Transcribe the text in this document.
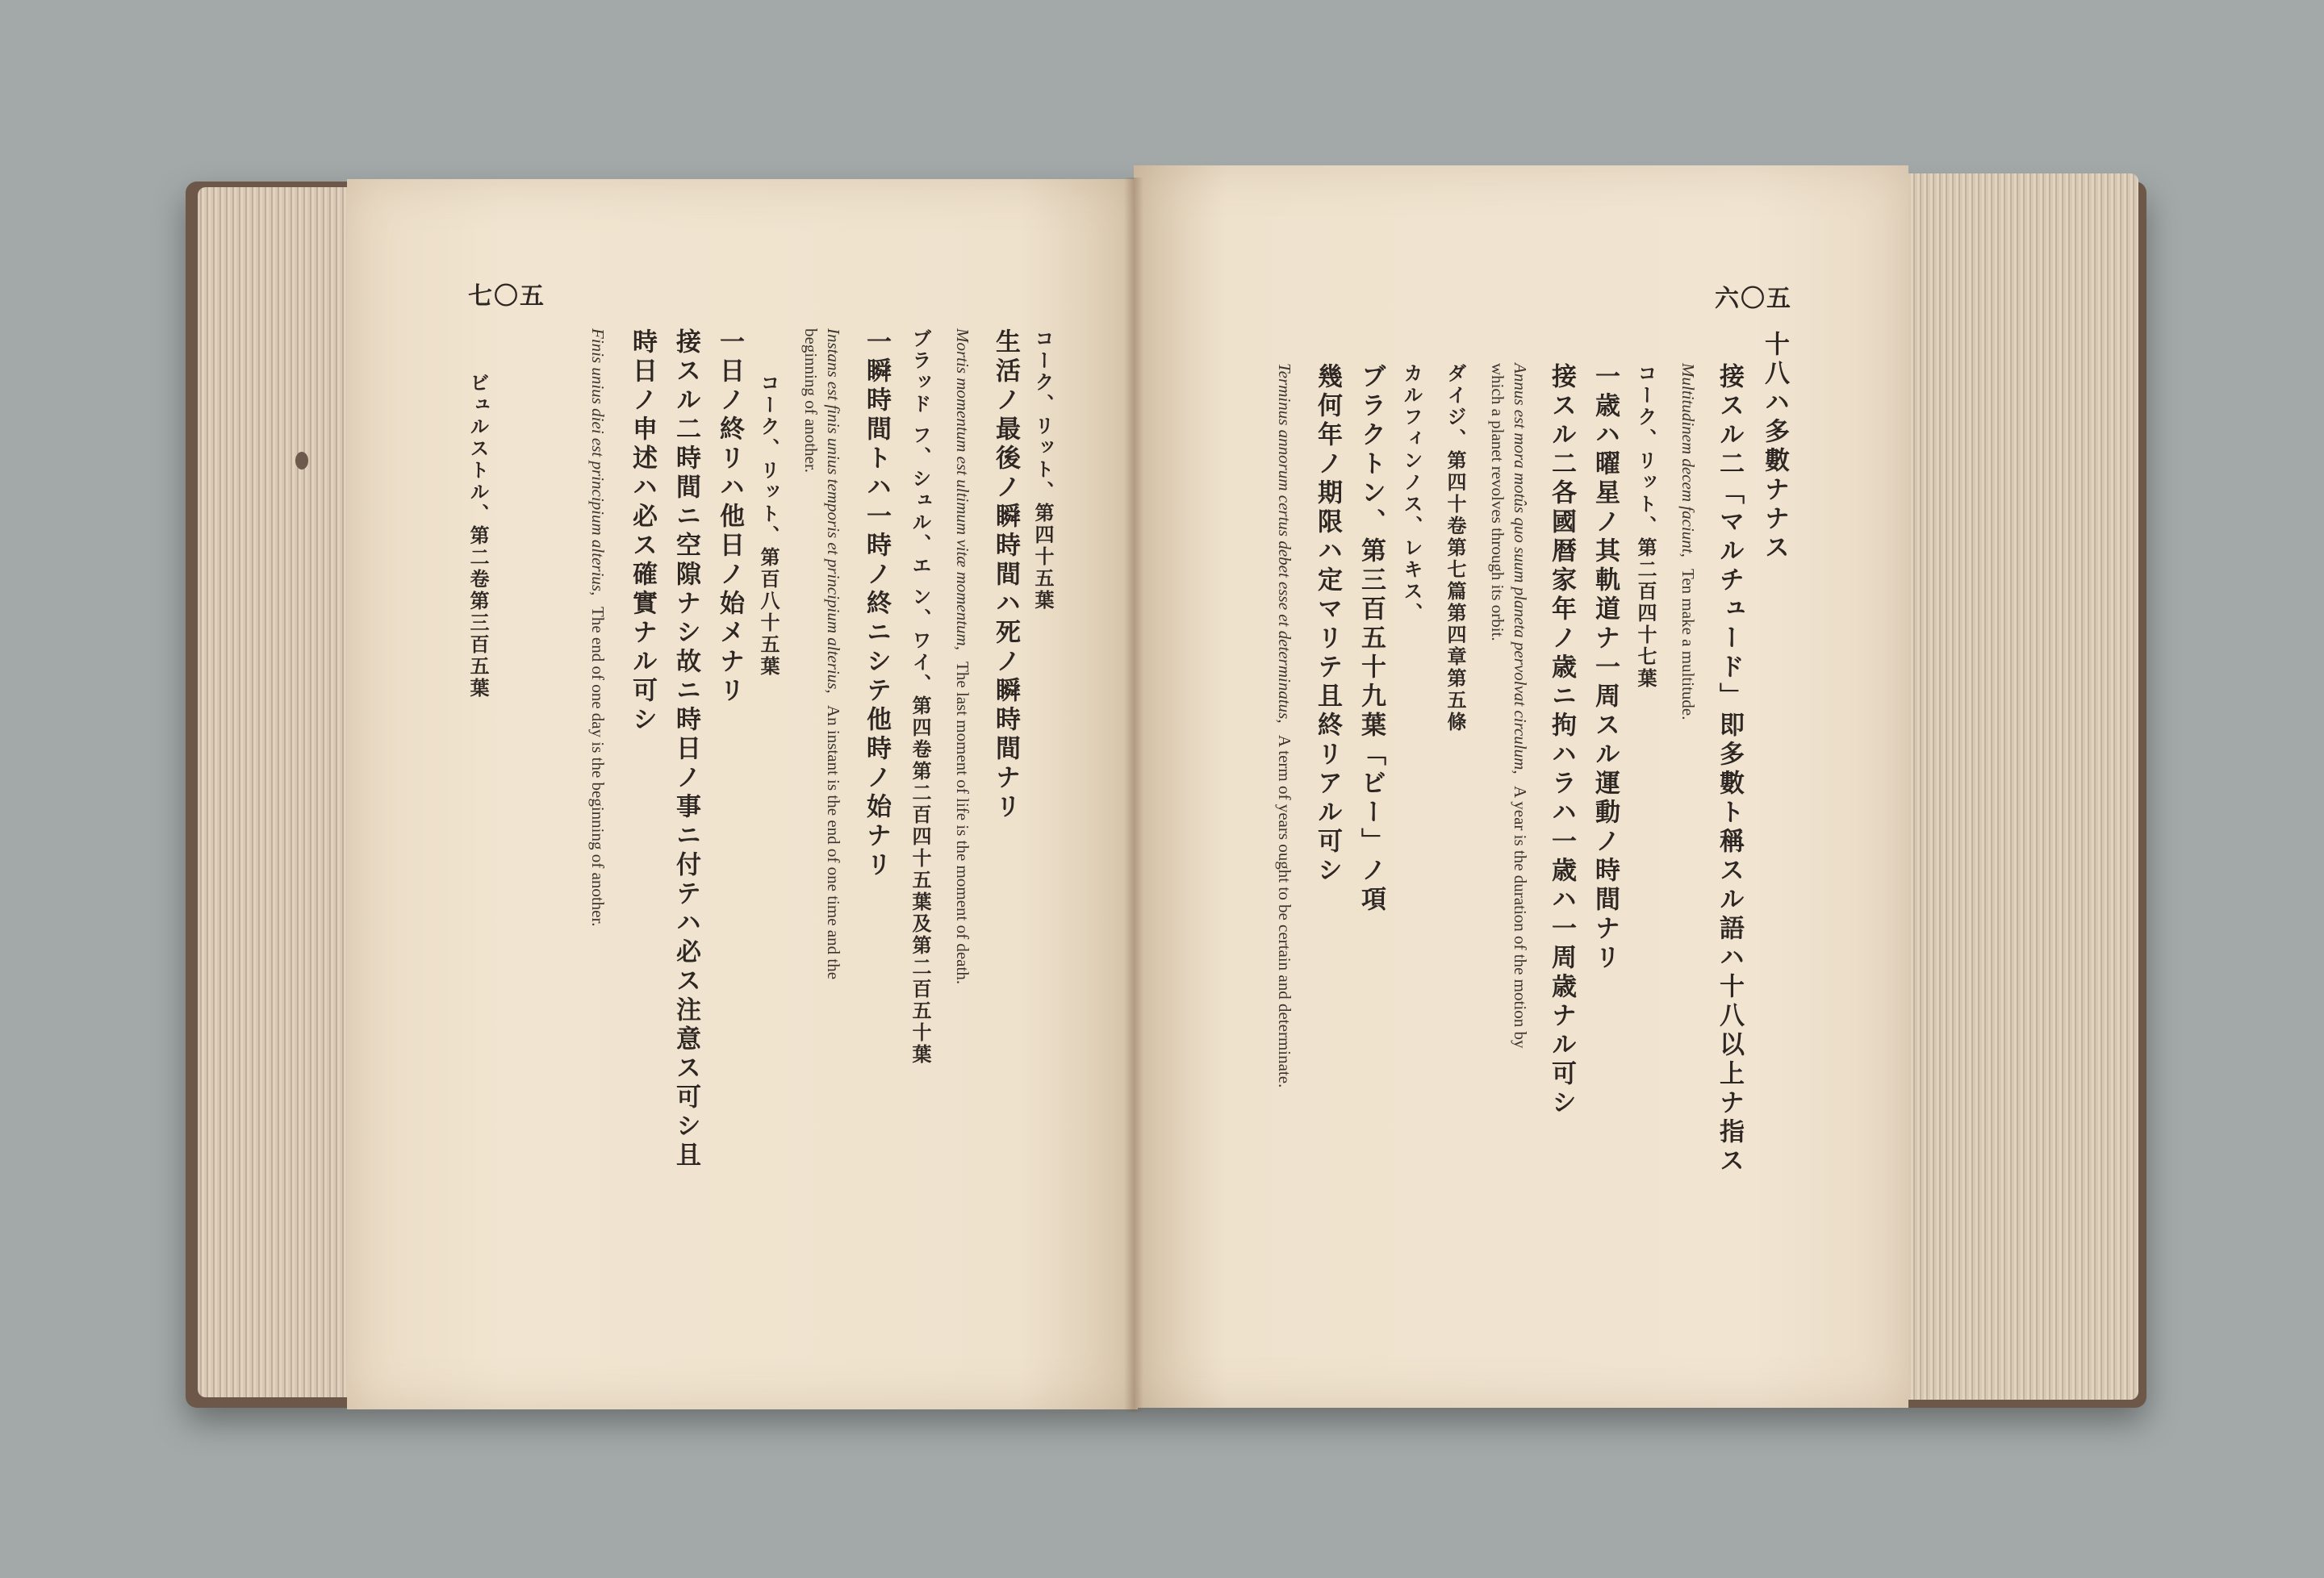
七〇五
コーク、リット、第四十五葉
生活ノ最後ノ瞬時間ハ死ノ瞬時間ナリ
Mortis momentum est ultimum vitæ momentum,The last moment of life is the moment of death.
ブラッド フ、シュル、エ ン、ワイ、第四卷第二百四十五葉及第二百五十葉
一瞬時間トハ一時ノ終ニシテ他時ノ始ナリ
Instans est finis unius temporis et principium alterius,An instant is the end of one time and the
beginning of another.
コーク、リット、第百八十五葉
一日ノ終リハ他日ノ始メナリ
接スル二時間ニ空隙ナシ故ニ時日ノ事ニ付テハ必ス注意ス可シ且
時日ノ申述ハ必ス確實ナル可シ
Finis unius diei est principium alterius,The end of one day is the beginning of another.
ビュルストル、第二卷第三百五葉
六〇五
十八ハ多數ナナス
接スル二「マルチュード」即多數ト稱スル語ハ十八以上ナ指ス
Multitudinem decem faciunt,Ten make a multitude.
コーク、リット、第二百四十七葉
一歳ハ曜星ノ其軌道ナ一周スル運動ノ時間ナリ
接スル二各國暦家年ノ歳ニ拘ハラハ一歳ハ一周歳ナル可シ
Annus est mora motûs quo suum planeta pervolvat circulum,A year is the duration of the motion by
which a planet revolves through its orbit.
ダイジ、第四十卷第七篇第四章第五條
カルフィンノス、レキス、
ブラクトン、第三百五十九葉「ビー」ノ項
幾何年ノ期限ハ定マリテ且終リアル可シ
Terminus annorum certus debet esse et determinatus,A term of years ought to be certain and determinate.
